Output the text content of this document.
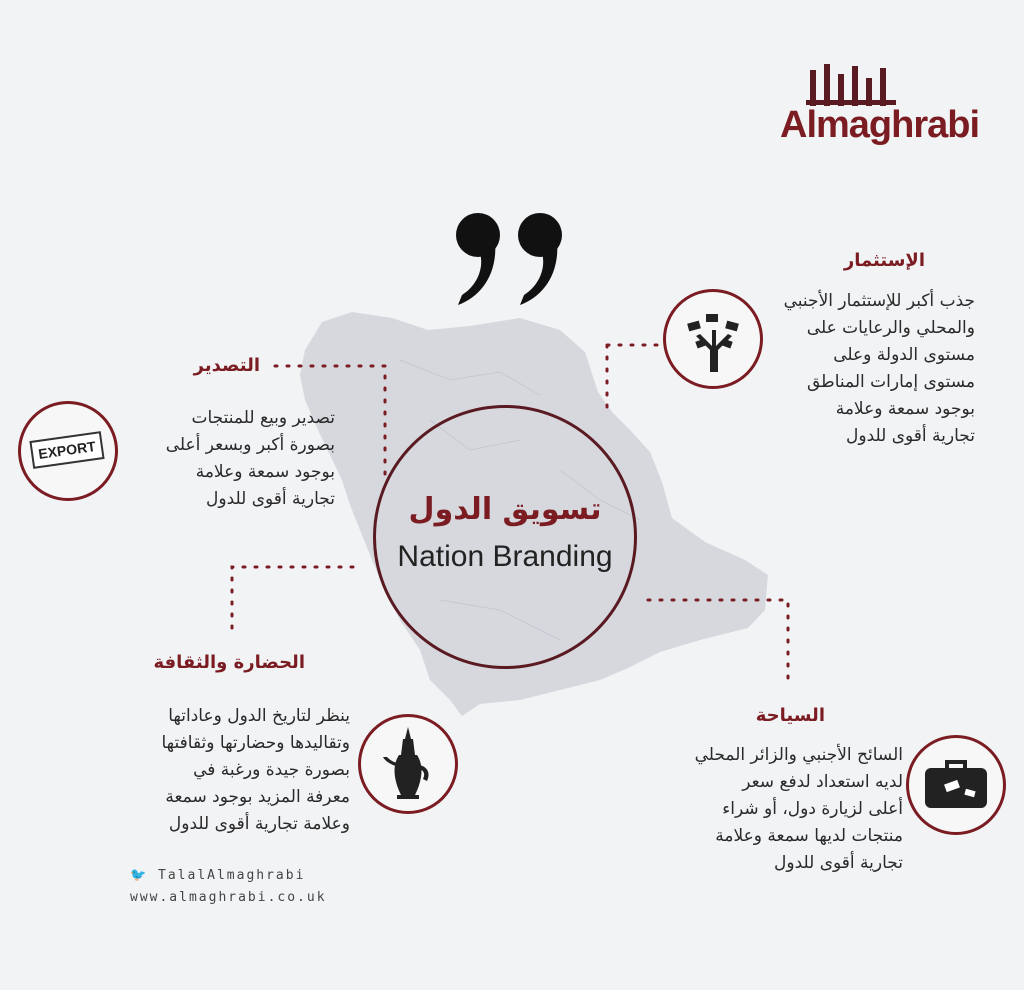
Almaghrabi
تسويق الدول
Nation Branding
الإستثمار
جذب أكبر للإستثمار الأجنبي
والمحلي والرعايات على
مستوى الدولة وعلى
مستوى إمارات المناطق
بوجود سمعة وعلامة
تجارية أقوى للدول
التصدير
تصدير وبيع للمنتجات
بصورة أكبر وبسعر أعلى
بوجود سمعة وعلامة
تجارية أقوى للدول
EXPORT
الحضارة والثقافة
ينظر لتاريخ الدول وعاداتها
وتقاليدها وحضارتها وثقافتها
بصورة جيدة ورغبة في
معرفة المزيد بوجود سمعة
وعلامة تجارية أقوى للدول
السياحة
السائح الأجنبي والزائر المحلي
لديه استعداد لدفع سعر
أعلى لزيارة دول، أو شراء
منتجات لديها سمعة وعلامة
تجارية أقوى للدول
🐦 TalalAlmaghrabi
www.almaghrabi.co.uk
